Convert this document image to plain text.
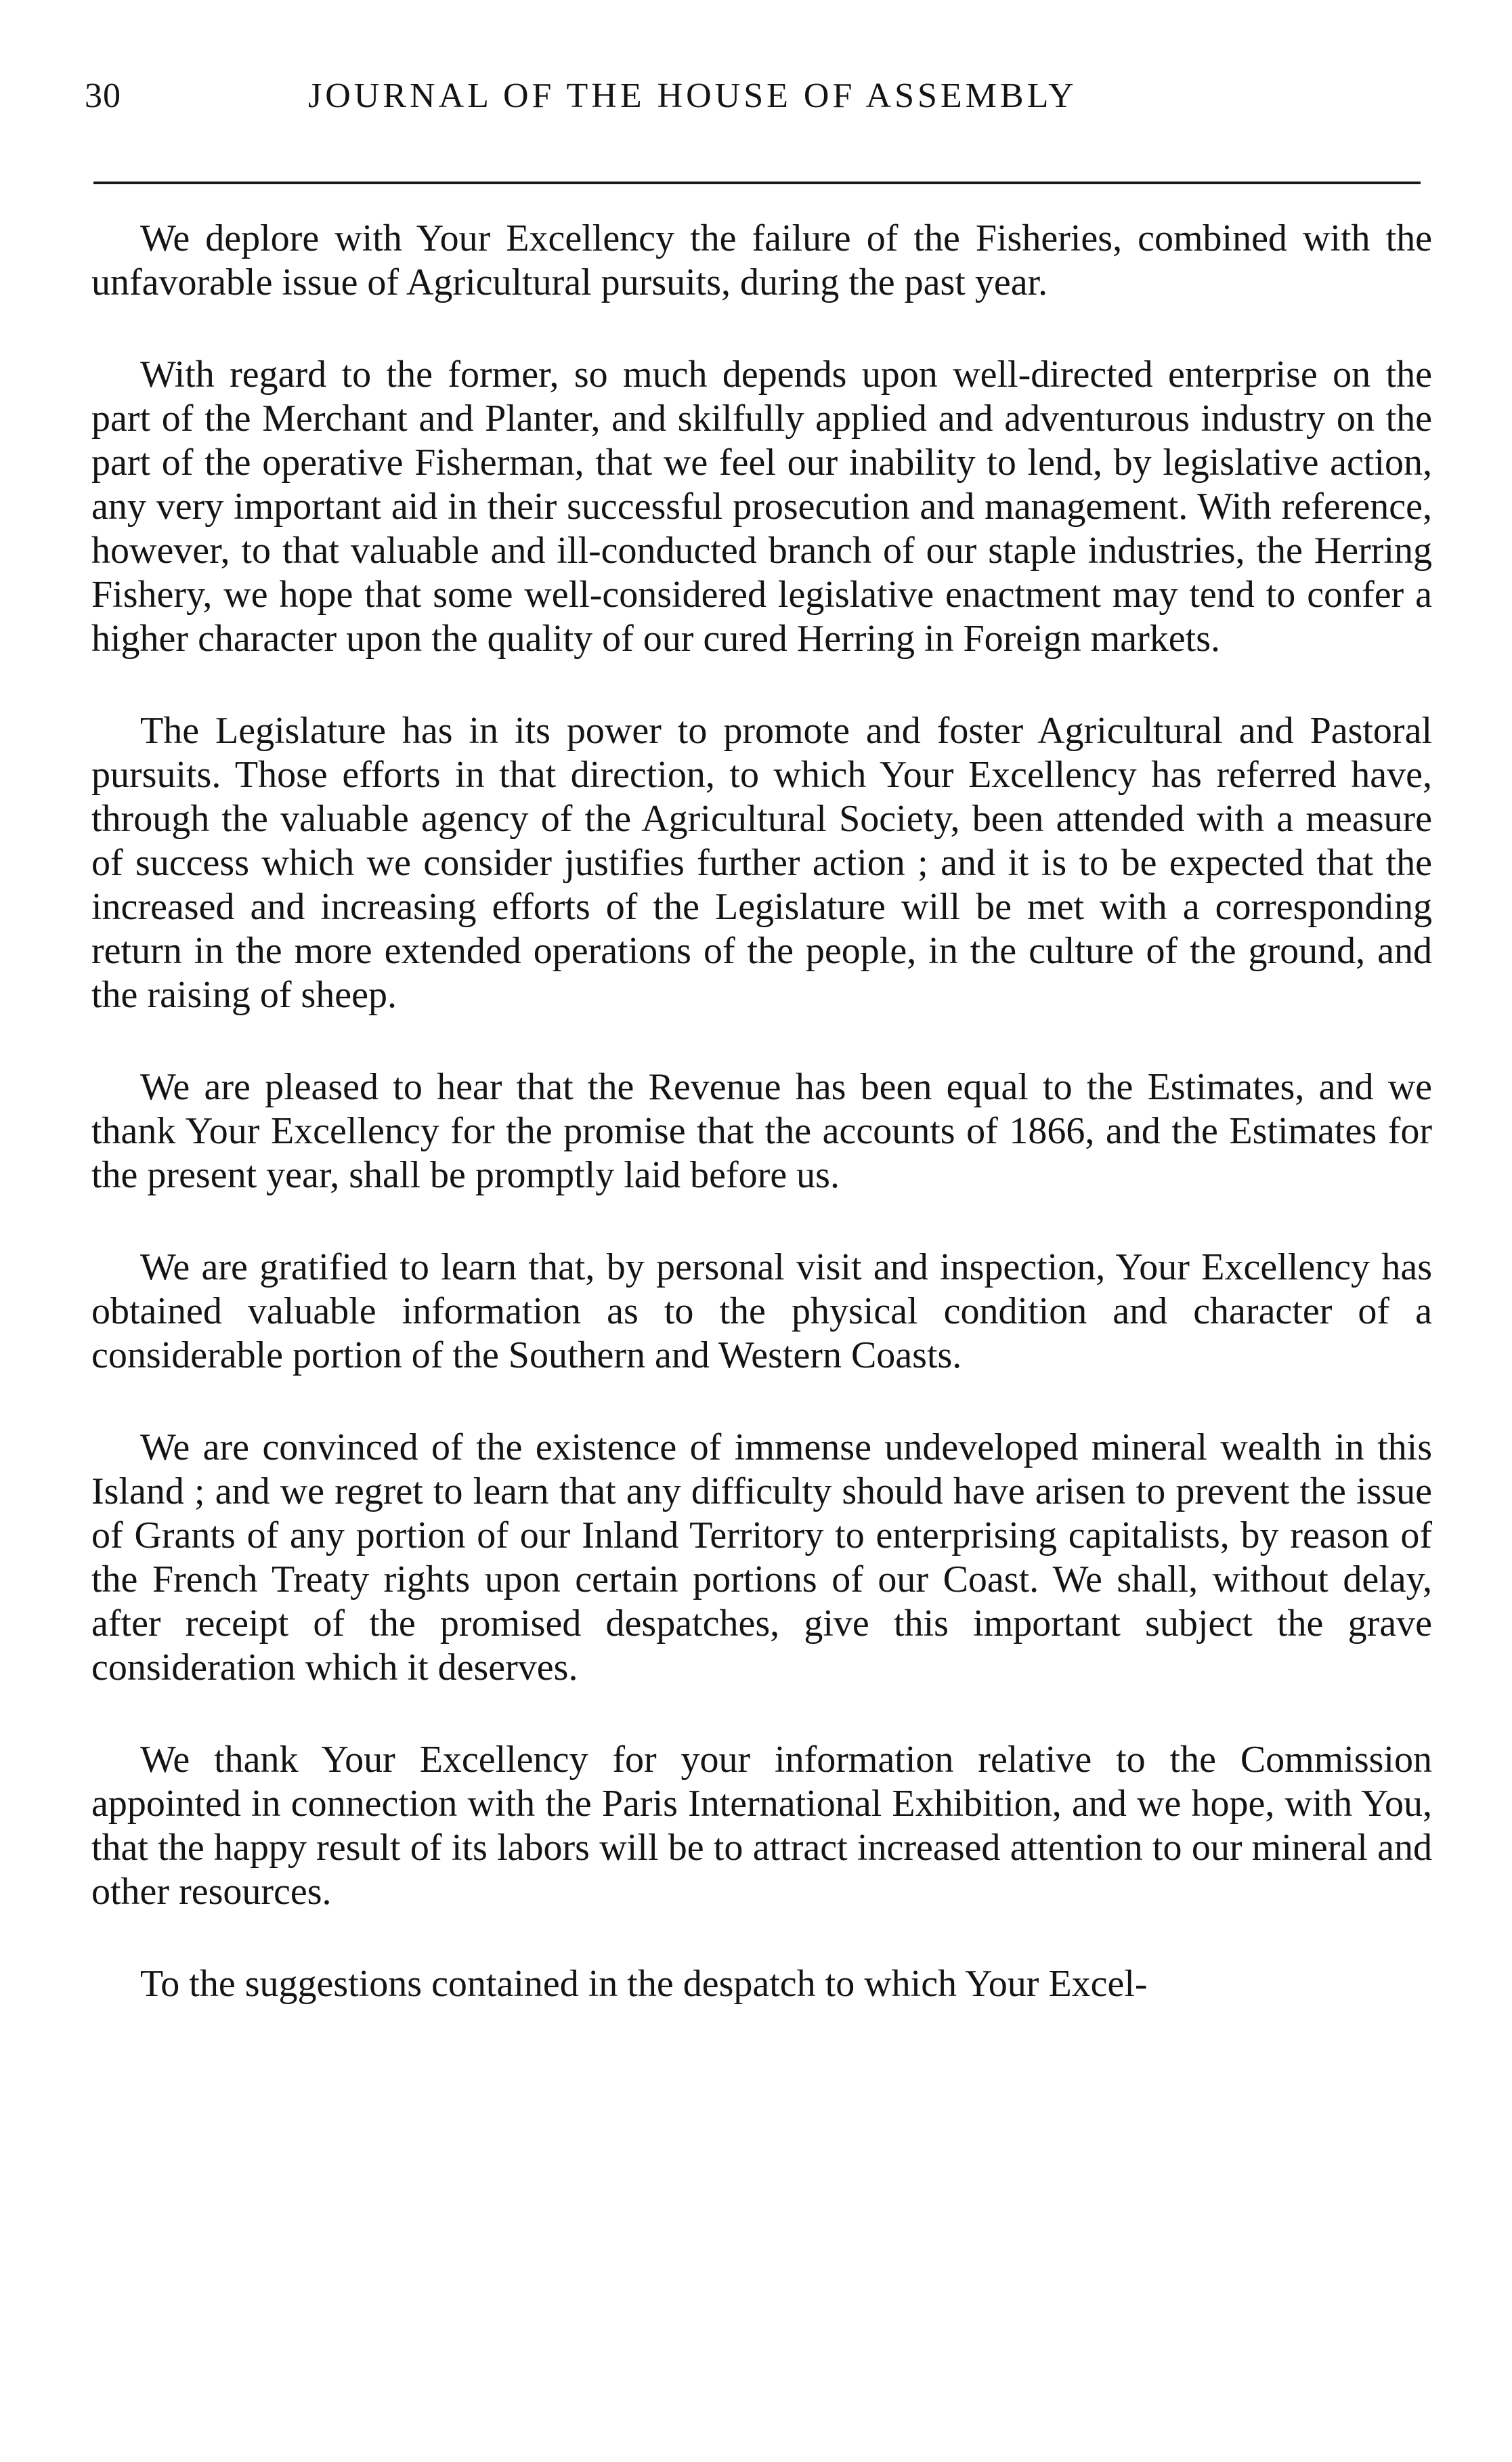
30	JOURNAL OF THE HOUSE OF ASSEMBLY

We deplore with Your Excellency the failure of the Fisheries, combined with the unfavorable issue of Agricultural pursuits, during the past year.

With regard to the former, so much depends upon well-directed enterprise on the part of the Merchant and Planter, and skilfully applied and adventurous industry on the part of the operative Fisherman, that we feel our inability to lend, by legislative action, any very important aid in their successful prosecution and management. With reference, however, to that valuable and ill-conducted branch of our staple industries, the Herring Fishery, we hope that some well-considered legislative enactment may tend to confer a higher character upon the quality of our cured Herring in Foreign markets.

The Legislature has in its power to promote and foster Agricultural and Pastoral pursuits. Those efforts in that direction, to which Your Excellency has referred have, through the valuable agency of the Agricultural Society, been attended with a measure of success which we consider justifies further action ; and it is to be expected that the increased and increasing efforts of the Legislature will be met with a corresponding return in the more extended operations of the people, in the culture of the ground, and the raising of sheep.

We are pleased to hear that the Revenue has been equal to the Estimates, and we thank Your Excellency for the promise that the accounts of 1866, and the Estimates for the present year, shall be promptly laid before us.

We are gratified to learn that, by personal visit and inspection, Your Excellency has obtained valuable information as to the physical condition and character of a considerable portion of the Southern and Western Coasts.

We are convinced of the existence of immense undeveloped mineral wealth in this Island ; and we regret to learn that any difficulty should have arisen to prevent the issue of Grants of any portion of our Inland Territory to enterprising capitalists, by reason of the French Treaty rights upon certain portions of our Coast. We shall, without delay, after receipt of the promised despatches, give this important subject the grave consideration which it deserves.

We thank Your Excellency for your information relative to the Commission appointed in connection with the Paris International Exhibition, and we hope, with You, that the happy result of its labors will be to attract increased attention to our mineral and other resources.

To the suggestions contained in the despatch to which Your Excel-
